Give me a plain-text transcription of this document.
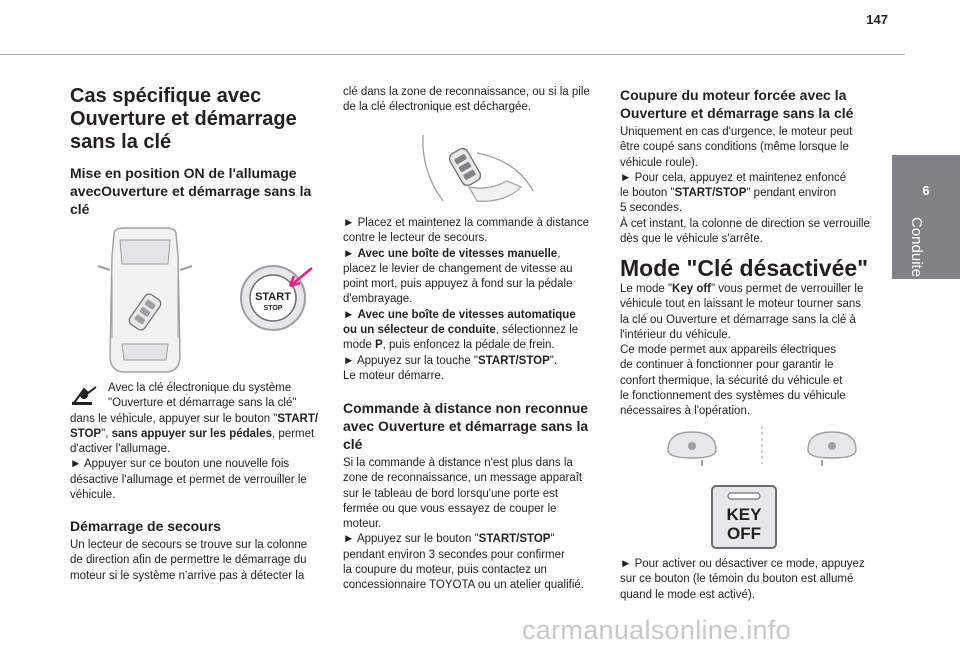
147
6
Conduite
Cas spécifique avec
Ouverture et démarrage
sans la clé
Mise en position ON de l'allumage
avecOuverture et démarrage sans la
clé
START
STOP
Avec la clé électronique du système
"Ouverture et démarrage sans la clé"
dans le véhicule, appuyer sur le bouton "START/
STOP", sans appuyer sur les pédales, permet
d'activer l'allumage.
► Appuyer sur ce bouton une nouvelle fois
désactive l'allumage et permet de verrouiller le
véhicule.
Démarrage de secours
Un lecteur de secours se trouve sur la colonne
de direction afin de permettre le démarrage du
moteur si le système n'arrive pas à détecter la
clé dans la zone de reconnaissance, ou si la pile
de la clé électronique est déchargée.
► Placez et maintenez la commande à distance
contre le lecteur de secours.
► Avec une boîte de vitesses manuelle,
placez le levier de changement de vitesse au
point mort, puis appuyez à fond sur la pédale
d'embrayage.
► Avec une boîte de vitesses automatique
ou un sélecteur de conduite, sélectionnez le
mode P, puis enfoncez la pédale de frein.
► Appuyez sur la touche "START/STOP".
Le moteur démarre.
Commande à distance non reconnue
avec Ouverture et démarrage sans la
clé
Si la commande à distance n'est plus dans la
zone de reconnaissance, un message apparaît
sur le tableau de bord lorsqu'une porte est
fermée ou que vous essayez de couper le
moteur.
► Appuyez sur le bouton "START/STOP"
pendant environ 3 secondes pour confirmer
la coupure du moteur, puis contactez un
concessionnaire TOYOTA ou un atelier qualifié.
Coupure du moteur forcée avec la
Ouverture et démarrage sans la clé
Uniquement en cas d'urgence, le moteur peut
être coupé sans conditions (même lorsque le
véhicule roule).
► Pour cela, appuyez et maintenez enfoncé
le bouton "START/STOP" pendant environ
5 secondes.
À cet instant, la colonne de direction se verrouille
dès que le véhicule s'arrête.
Mode "Clé désactivée"
Le mode "Key off" vous permet de verrouiller le
véhicule tout en laissant le moteur tourner sans
la clé ou Ouverture et démarrage sans la clé à
l'intérieur du véhicule.
Ce mode permet aux appareils électriques
de continuer à fonctionner pour garantir le
confort thermique, la sécurité du véhicule et
le fonctionnement des systèmes du véhicule
nécessaires à l'opération.
KEY
OFF
► Pour activer ou désactiver ce mode, appuyez
sur ce bouton (le témoin du bouton est allumé
quand le mode est activé).
carmanualsonline.info
